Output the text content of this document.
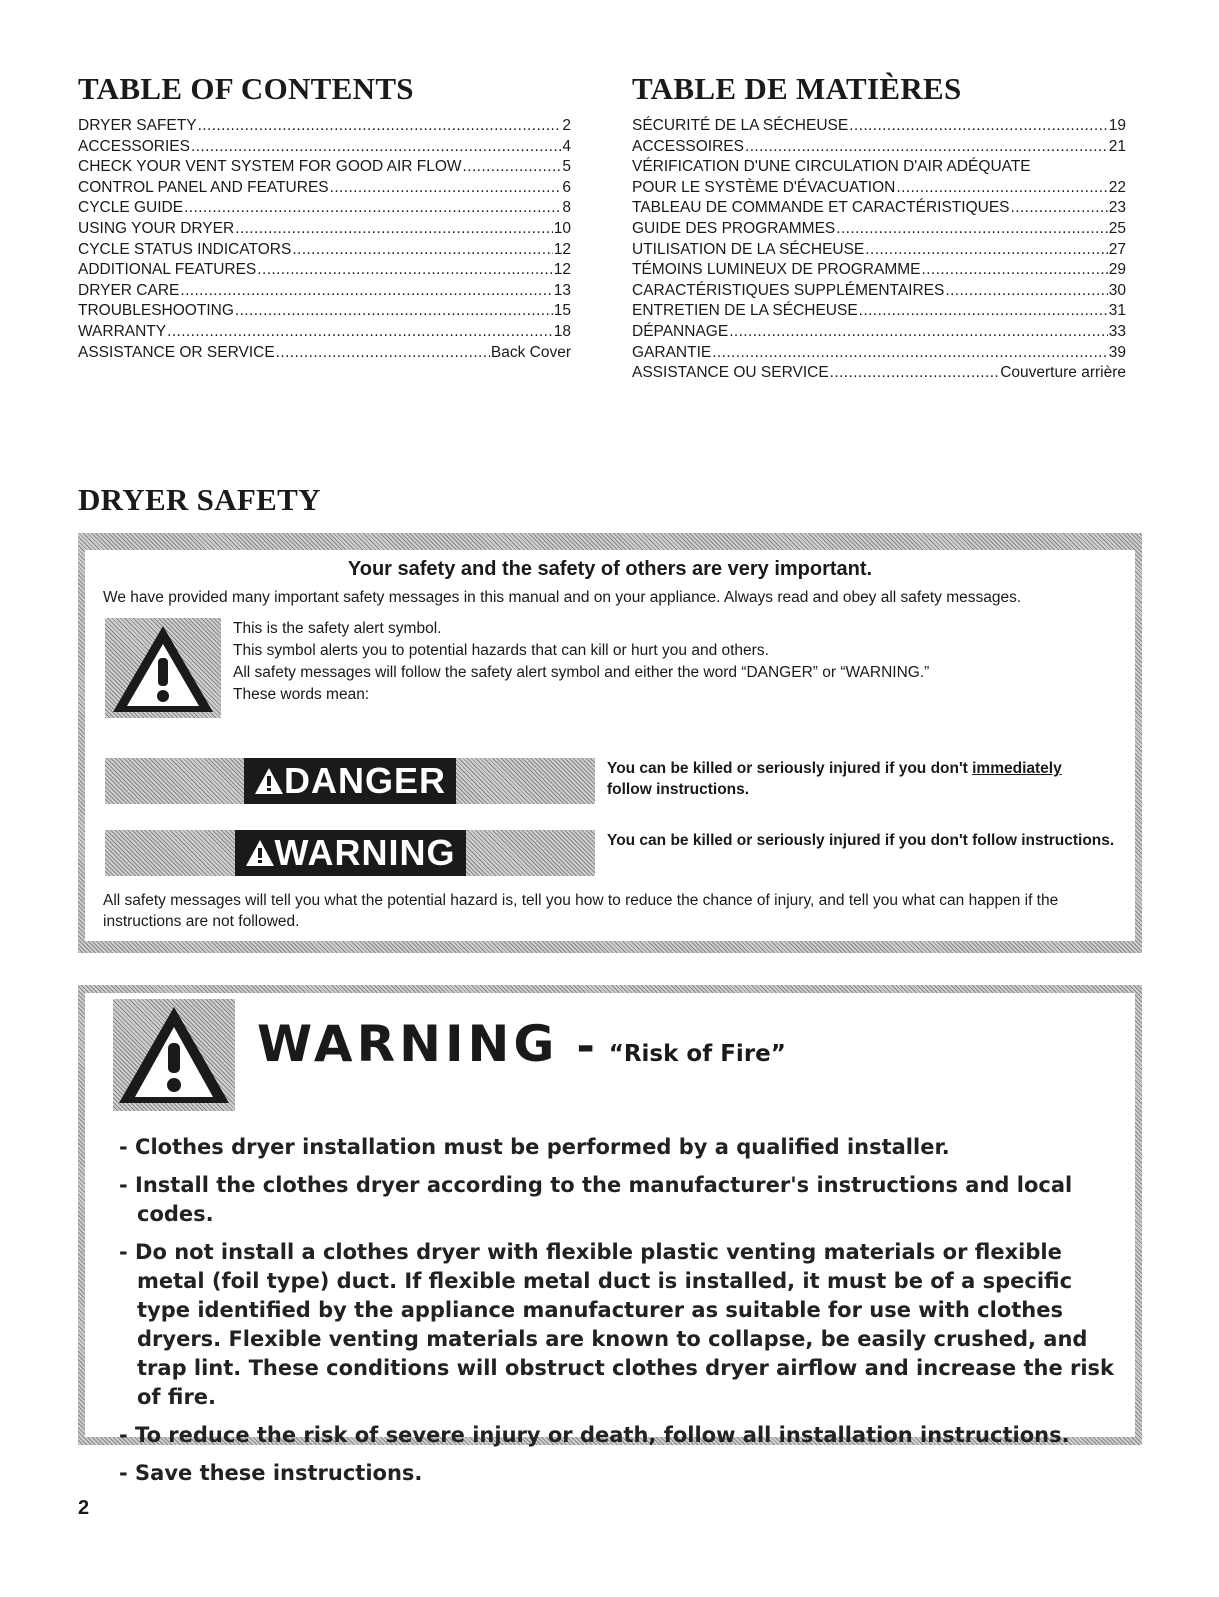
TABLE OF CONTENTS
DRYER SAFETY .....	2
ACCESSORIES .....	4
CHECK YOUR VENT SYSTEM FOR GOOD AIR FLOW .....	5
CONTROL PANEL AND FEATURES .....	6
CYCLE GUIDE .....	8
USING YOUR DRYER .....	10
CYCLE STATUS INDICATORS .....	12
ADDITIONAL FEATURES .....	12
DRYER CARE .....	13
TROUBLESHOOTING .....	15
WARRANTY .....	18
ASSISTANCE OR SERVICE .....	Back Cover
TABLE DE MATIÈRES
SÉCURITÉ DE LA SÉCHEUSE .....	19
ACCESSOIRES .....	21
VÉRIFICATION D'UNE CIRCULATION D'AIR ADÉQUATE
POUR LE SYSTÈME D'ÉVACUATION .....	22
TABLEAU DE COMMANDE ET CARACTÉRISTIQUES .....	23
GUIDE DES PROGRAMMES .....	25
UTILISATION DE LA SÉCHEUSE .....	27
TÉMOINS LUMINEUX DE PROGRAMME .....	29
CARACTÉRISTIQUES SUPPLÉMENTAIRES .....	30
ENTRETIEN DE LA SÉCHEUSE .....	31
DÉPANNAGE .....	33
GARANTIE .....	39
ASSISTANCE OU SERVICE .....	Couverture arrière
DRYER SAFETY
Your safety and the safety of others are very important.
We have provided many important safety messages in this manual and on your appliance. Always read and obey all safety messages.
This is the safety alert symbol.
This symbol alerts you to potential hazards that can kill or hurt you and others.
All safety messages will follow the safety alert symbol and either the word “DANGER” or “WARNING.”
These words mean:
DANGER	You can be killed or seriously injured if you don't immediately
follow instructions.
WARNING	You can be killed or seriously injured if you don't follow instructions.
All safety messages will tell you what the potential hazard is, tell you how to reduce the chance of injury, and tell you what can happen if the instructions are not followed.
WARNING - “Risk of Fire”
- Clothes dryer installation must be performed by a qualified installer.
- Install the clothes dryer according to the manufacturer's instructions and local codes.
- Do not install a clothes dryer with flexible plastic venting materials or flexible metal (foil type) duct. If flexible metal duct is installed, it must be of a specific type identified by the appliance manufacturer as suitable for use with clothes dryers. Flexible venting materials are known to collapse, be easily crushed, and trap lint. These conditions will obstruct clothes dryer airflow and increase the risk of fire.
- To reduce the risk of severe injury or death, follow all installation instructions.
- Save these instructions.
2
